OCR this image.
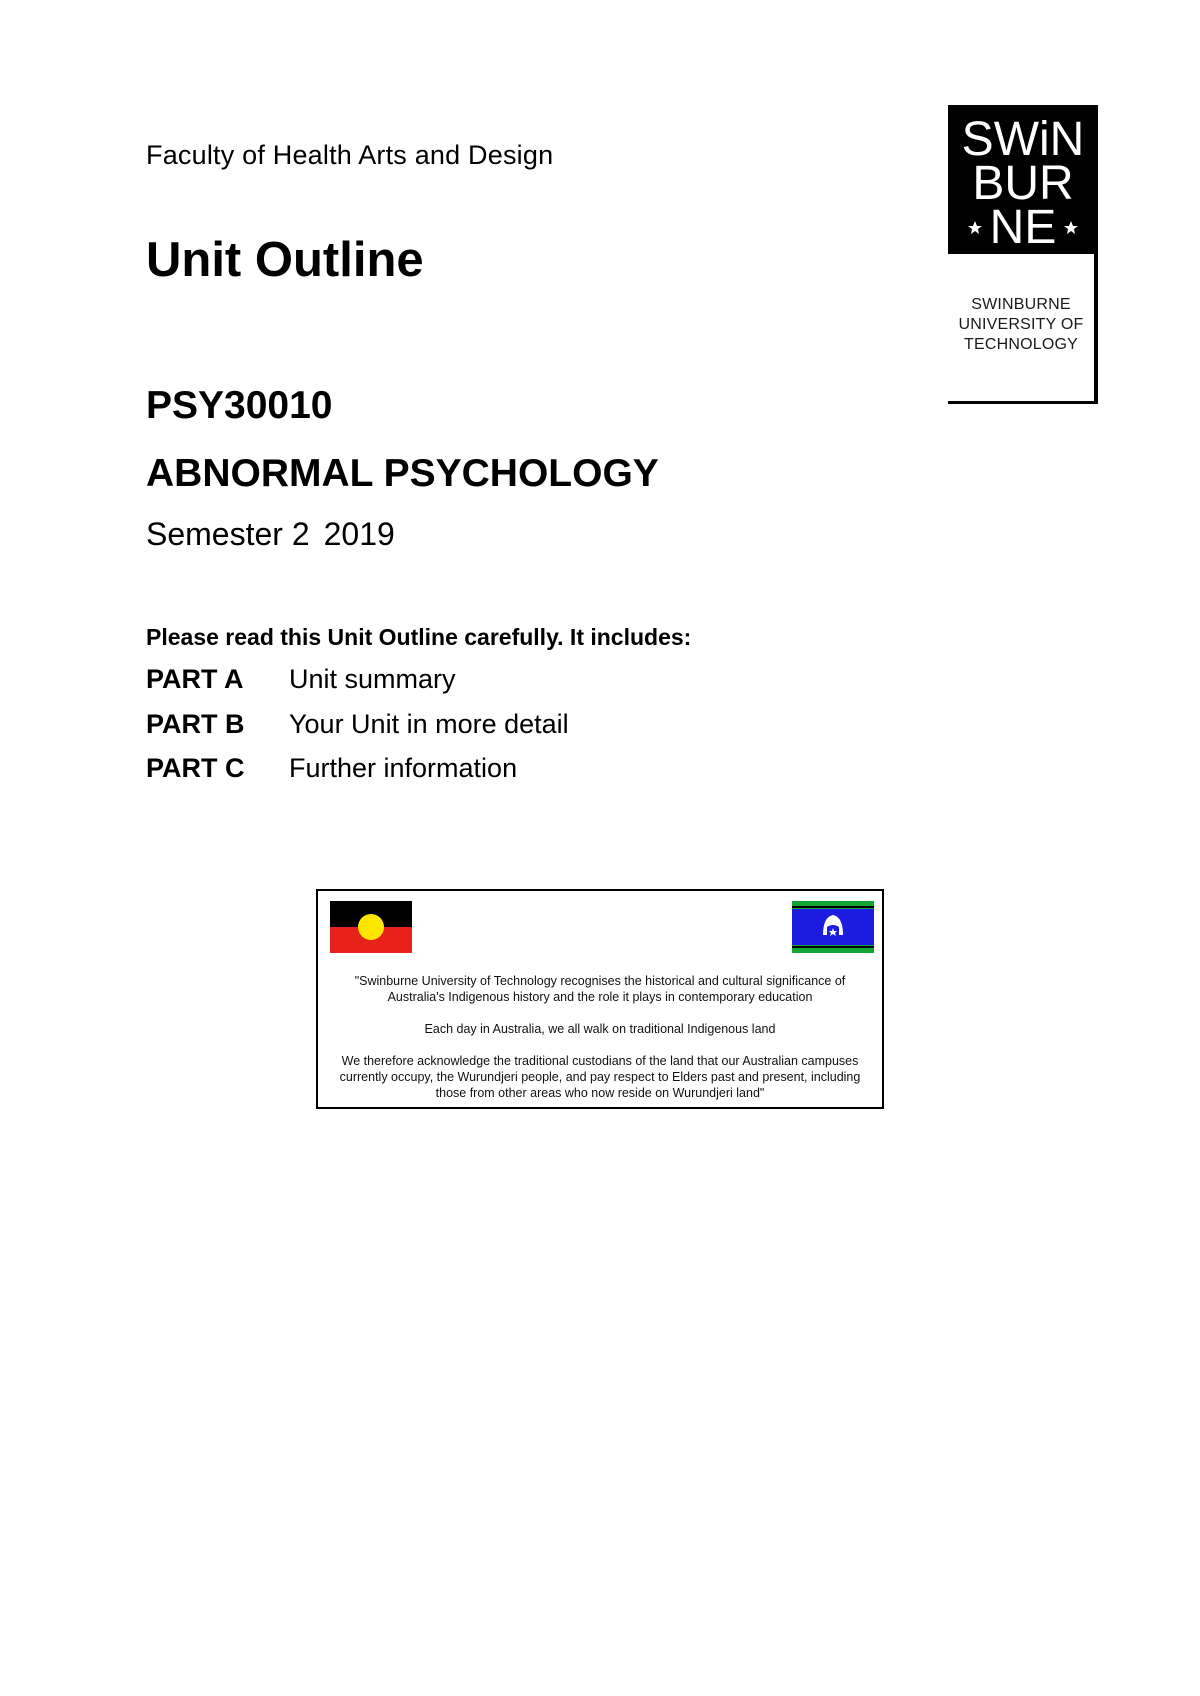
Faculty of Health Arts and Design
Unit Outline
PSY30010
ABNORMAL PSYCHOLOGY
Semester 2 2019
Please read this Unit Outline carefully. It includes:
PART A Unit summary
PART B Your Unit in more detail
PART C Further information
SWiN
BUR
NE
SWINBURNE
UNIVERSITY OF
TECHNOLOGY

"Swinburne University of Technology recognises the historical and cultural significance of Australia's Indigenous history and the role it plays in contemporary education

Each day in Australia, we all walk on traditional Indigenous land

We therefore acknowledge the traditional custodians of the land that our Australian campuses currently occupy, the Wurundjeri people, and pay respect to Elders past and present, including those from other areas who now reside on Wurundjeri land"
